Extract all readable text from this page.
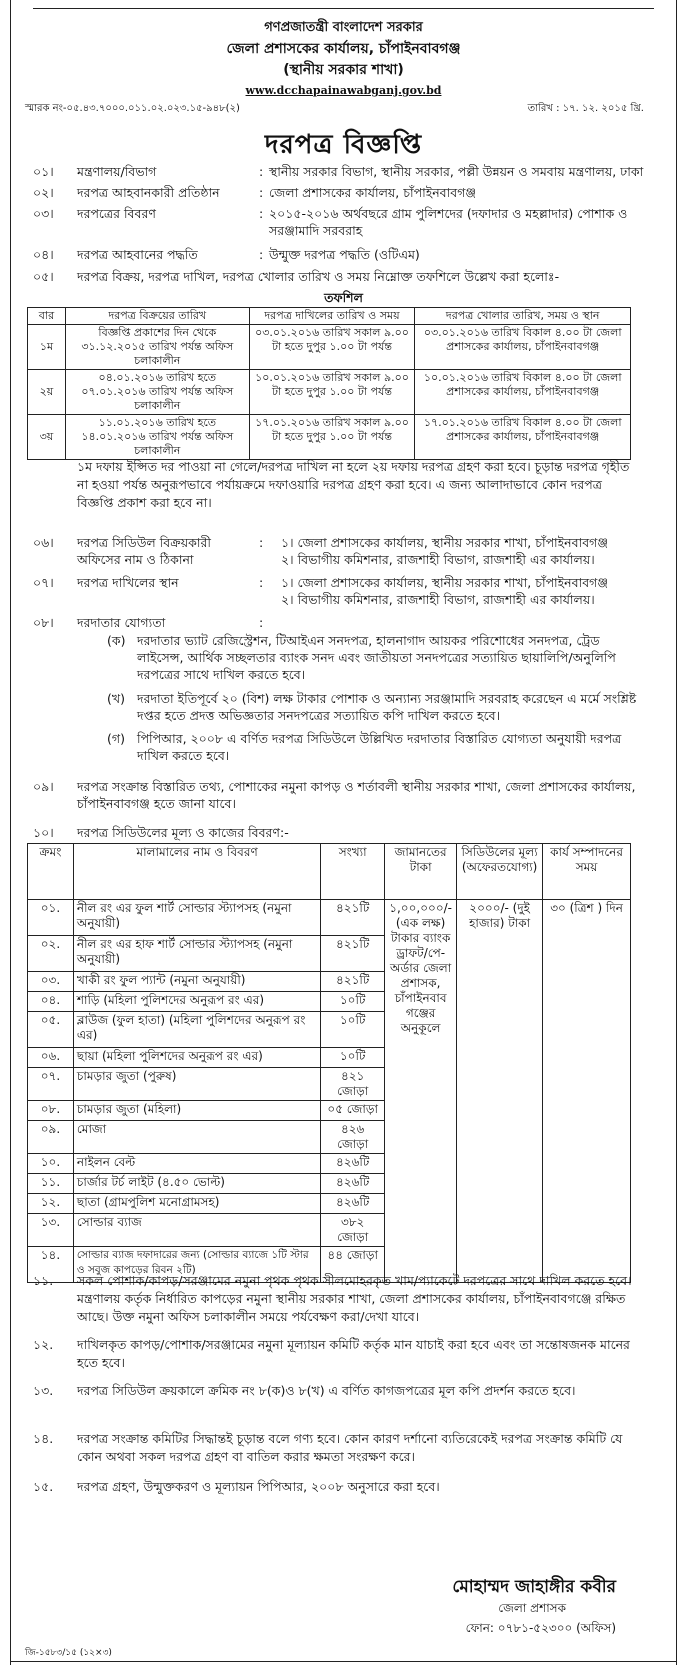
গণপ্রজাতন্ত্রী বাংলাদেশ সরকার
জেলা প্রশাসকের কার্যালয়, চাঁপাইনবাবগঞ্জ
(স্থানীয় সরকার শাখা)
www.dcchapainawabganj.gov.bd
স্মারক নং-০৫.৪৩.৭০০০.০১১.০২.০২৩.১৫-৯৪৮(২)	তারিখ : ১৭. ১২. ২০১৫ খ্রি.
দরপত্র বিজ্ঞপ্তি
০১।	মন্ত্রণালয়/বিভাগ	: স্থানীয় সরকার বিভাগ, স্থানীয় সরকার, পল্লী উন্নয়ন ও সমবায় মন্ত্রণালয়, ঢাকা
০২।	দরপত্র আহবানকারী প্রতিষ্ঠান	: জেলা প্রশাসকের কার্যালয়, চাঁপাইনবাবগঞ্জ
০৩।	দরপত্রের বিবরণ	: ২০১৫-২০১৬ অর্থবছরে গ্রাম পুলিশদের (দফাদার ও মহল্লাদার) পোশাক ও সরঞ্জামাদি সরবরাহ
০৪।	দরপত্র আহবানের পদ্ধতি	: উন্মুক্ত দরপত্র পদ্ধতি (ওটিএম)
০৫।	দরপত্র বিক্রয়, দরপত্র দাখিল, দরপত্র খোলার তারিখ ও সময় নিম্নোক্ত তফশিলে উল্লেখ করা হলোঃ-
তফশিল
বার	দরপত্র বিক্রয়ের তারিখ	দরপত্র দাখিলের তারিখ ও সময়	দরপত্র খোলার তারিখ, সময় ও স্থান
১ম	বিজ্ঞপ্তি প্রকাশের দিন থেকে ৩১.১২.২০১৫ তারিখ পর্যন্ত অফিস চলাকালীন	০৩.০১.২০১৬ তারিখ সকাল ৯.০০ টা হতে দুপুর ১.০০ টা পর্যন্ত	০৩.০১.২০১৬ তারিখ বিকাল ৪.০০ টা জেলা প্রশাসকের কার্যালয়, চাঁপাইনবাবগঞ্জ
২য়	০৪.০১.২০১৬ তারিখ হতে ০৭.০১.২০১৬ তারিখ পর্যন্ত অফিস চলাকালীন	১০.০১.২০১৬ তারিখ সকাল ৯.০০ টা হতে দুপুর ১.০০ টা পর্যন্ত	১০.০১.২০১৬ তারিখ বিকাল ৪.০০ টা জেলা প্রশাসকের কার্যালয়, চাঁপাইনবাবগঞ্জ
৩য়	১১.০১.২০১৬ তারিখ হতে ১৪.০১.২০১৬ তারিখ পর্যন্ত অফিস চলাকালীন	১৭.০১.২০১৬ তারিখ সকাল ৯.০০ টা হতে দুপুর ১.০০ টা পর্যন্ত	১৭.০১.২০১৬ তারিখ বিকাল ৪.০০ টা জেলা প্রশাসকের কার্যালয়, চাঁপাইনবাবগঞ্জ
১ম দফায় ইপ্সিত দর পাওয়া না গেলে/দরপত্র দাখিল না হলে ২য় দফায় দরপত্র গ্রহণ করা হবে। চূড়ান্ত দরপত্র গৃহীত না হওয়া পর্যন্ত অনুরূপভাবে পর্যায়ক্রমে দফাওয়ারি দরপত্র গ্রহণ করা হবে। এ জন্য আলাদাভাবে কোন দরপত্র বিজ্ঞপ্তি প্রকাশ করা হবে না।
০৬।	দরপত্র সিডিউল বিক্রয়কারী অফিসের নাম ও ঠিকানা
:	১। জেলা প্রশাসকের কার্যালয়, স্থানীয় সরকার শাখা, চাঁপাইনবাবগঞ্জ
২। বিভাগীয় কমিশনার, রাজশাহী বিভাগ, রাজশাহী এর কার্যালয়।
০৭।	দরপত্র দাখিলের স্থান	:	১। জেলা প্রশাসকের কার্যালয়, স্থানীয় সরকার শাখা, চাঁপাইনবাবগঞ্জ
২। বিভাগীয় কমিশনার, রাজশাহী বিভাগ, রাজশাহী এর কার্যালয়।
০৮।	দরদাতার যোগ্যতা	:
(ক) দরদাতার ভ্যাট রেজিস্ট্রেশন, টিআইএন সনদপত্র, হালনাগাদ আয়কর পরিশোধের সনদপত্র, ট্রেড লাইসেন্স, আর্থিক সচ্ছলতার ব্যাংক সনদ এবং জাতীয়তা সনদপত্রের সত্যায়িত ছায়ালিপি/অনুলিপি দরপত্রের সাথে দাখিল করতে হবে।
(খ) দরদাতা ইতিপূর্বে ২০ (বিশ) লক্ষ টাকার পোশাক ও অন্যান্য সরঞ্জামাদি সরবরাহ করেছেন এ মর্মে সংশ্লিষ্ট দপ্তর হতে প্রদত্ত অভিজ্ঞতার সনদপত্রের সত্যায়িত কপি দাখিল করতে হবে।
(গ) পিপিআর, ২০০৮ এ বর্ণিত দরপত্র সিডিউলে উল্লিখিত দরদাতার বিস্তারিত যোগ্যতা অনুযায়ী দরপত্র দাখিল করতে হবে।
০৯।	দরপত্র সংক্রান্ত বিস্তারিত তথ্য, পোশাকের নমুনা কাপড় ও শর্তাবলী স্থানীয় সরকার শাখা, জেলা প্রশাসকের কার্যালয়, চাঁপাইনবাবগঞ্জ হতে জানা যাবে।
১০।	দরপত্র সিডিউলের মূল্য ও কাজের বিবরণ:-
ক্রমং	মালামালের নাম ও বিবরণ	সংখ্যা	জামানতের টাকা	সিডিউলের মূল্য (অফেরতযোগ্য)	কার্য সম্পাদনের সময়
০১.	নীল রং এর ফুল শার্ট সোল্ডার স্ট্যাপসহ (নমুনা অনুযায়ী)	৪২১টি	১,০০,০০০/- (এক লক্ষ) টাকার ব্যাংক ড্রাফট/পে-অর্ডার জেলা প্রশাসক, চাঁপাইনবাব গঞ্জের অনুকূলে	২০০০/- (দুই হাজার) টাকা	৩০ (ত্রিশ ) দিন
০২.	নীল রং এর হাফ শার্ট সোল্ডার স্ট্যাপসহ (নমুনা অনুযায়ী)	৪২১টি			
০৩.	খাকী রং ফুল প্যান্ট (নমুনা অনুযায়ী)	৪২১টি			
০৪.	শাড়ি (মহিলা পুলিশদের অনুরূপ রং এর)	১০টি			
০৫.	ব্লাউজ (ফুল হাতা) (মহিলা পুলিশদের অনুরূপ রং এর)	১০টি			
০৬.	ছায়া (মহিলা পুলিশদের অনুরূপ রং এর)	১০টি			
০৭.	চামড়ার জুতা (পুরুষ)	৪২১ জোড়া			
০৮.	চামড়ার জুতা (মহিলা)	০৫ জোড়া			
০৯.	মোজা	৪২৬ জোড়া			
১০.	নাইলন বেল্ট	৪২৬টি			
১১.	চার্জার টর্চ লাইট (৪.৫০ ভোল্ট)	৪২৬টি			
১২.	ছাতা (গ্রামপুলিশ মনোগ্রামসহ)	৪২৬টি			
১৩.	সোল্ডার ব্যাজ	৩৮২ জোড়া			
১৪.	সোল্ডার ব্যাজ দফাদারের জন্য (সোল্ডার ব্যাজে ১টি স্টার ও সবুজ কাপড়ের রিবন ২টি)	৪৪ জোড়া			
১১.	সকল পোশাক/কাপড়/সরঞ্জামের নমুনা পৃথক পৃথক সীলমোহরকৃত খাম/প্যাকেটে দরপত্রের সাথে দাখিল করতে হবে। মন্ত্রণালয় কর্তৃক নির্ধারিত কাপড়ের নমুনা স্থানীয় সরকার শাখা, জেলা প্রশাসকের কার্যালয়, চাঁপাইনবাবগঞ্জে রক্ষিত আছে। উক্ত নমুনা অফিস চলাকালীন সময়ে পর্যবেক্ষণ করা/দেখা যাবে।
১২.	দাখিলকৃত কাপড়/পোশাক/সরঞ্জামের নমুনা মূল্যায়ন কমিটি কর্তৃক মান যাচাই করা হবে এবং তা সন্তোষজনক মানের হতে হবে।
১৩.	দরপত্র সিডিউল ক্রয়কালে ক্রমিক নং ৮(ক)ও ৮(খ) এ বর্ণিত কাগজপত্রের মূল কপি প্রদর্শন করতে হবে।
১৪.	দরপত্র সংক্রান্ত কমিটির সিদ্ধান্তই চূড়ান্ত বলে গণ্য হবে। কোন কারণ দর্শানো ব্যতিরেকেই দরপত্র সংক্রান্ত কমিটি যে কোন অথবা সকল দরপত্র গ্রহণ বা বাতিল করার ক্ষমতা সংরক্ষণ করে।
১৫.	দরপত্র গ্রহণ, উন্মুক্তকরণ ও মূল্যায়ন পিপিআর, ২০০৮ অনুসারে করা হবে।
মোহাম্মদ জাহাঙ্গীর কবীর
জেলা প্রশাসক
ফোন: ০৭৮১-৫২৩০০ (অফিস)
জি-১৫৮৩/১৫ (১২×৩)
